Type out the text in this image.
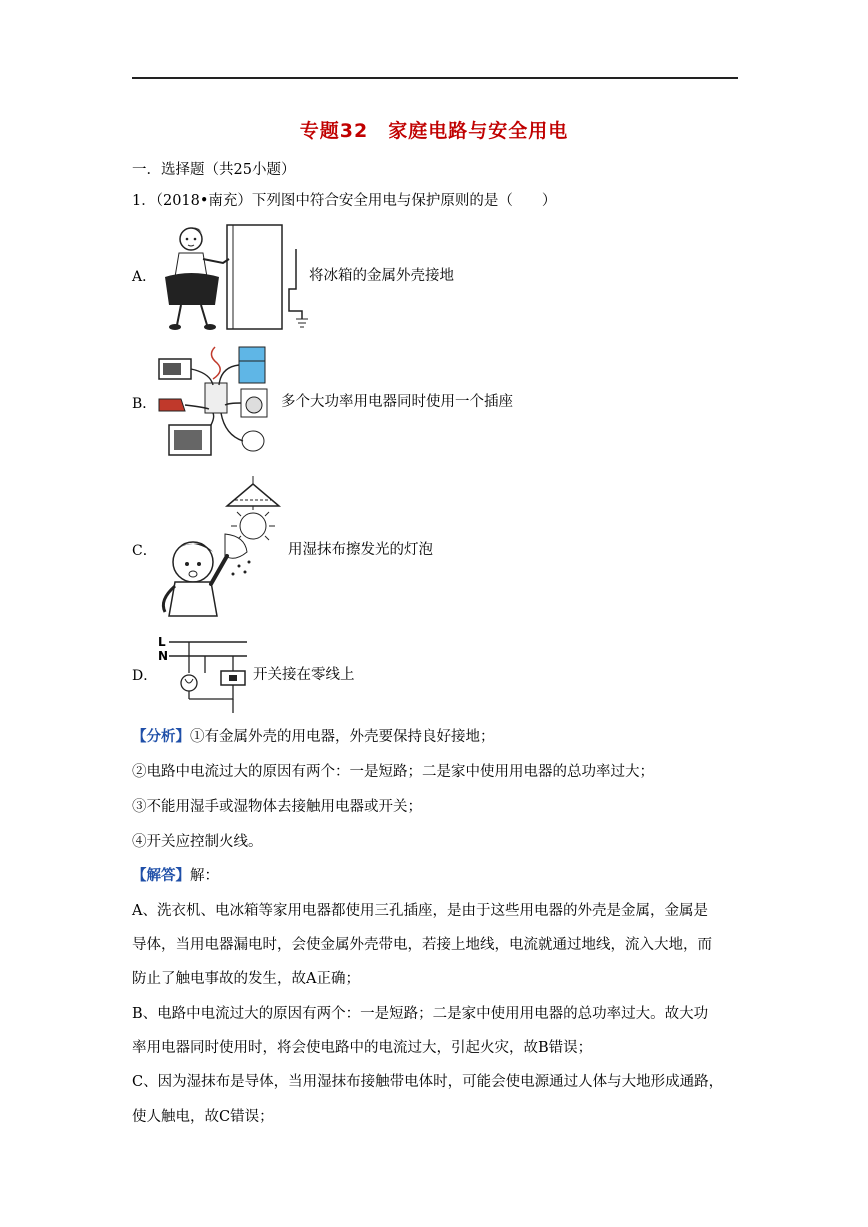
专题32　家庭电路与安全用电
一．选择题（共25小题）
1．（2018•南充）下列图中符合安全用电与保护原则的是（　　）
A．	将冰箱的金属外壳接地
B．	多个大功率用电器同时使用一个插座
C．	用湿抹布擦发光的灯泡
D．
L
N
开关接在零线上
【分析】①有金属外壳的用电器，外壳要保持良好接地；
②电路中电流过大的原因有两个：一是短路；二是家中使用用电器的总功率过大；
③不能用湿手或湿物体去接触用电器或开关；
④开关应控制火线。
【解答】解：
A、洗衣机、电冰箱等家用电器都使用三孔插座，是由于这些用电器的外壳是金属，金属是
导体，当用电器漏电时，会使金属外壳带电，若接上地线，电流就通过地线，流入大地，而
防止了触电事故的发生，故A正确；
B、电路中电流过大的原因有两个：一是短路；二是家中使用用电器的总功率过大。故大功
率用电器同时使用时，将会使电路中的电流过大，引起火灾，故B错误；
C、因为湿抹布是导体，当用湿抹布接触带电体时，可能会使电源通过人体与大地形成通路，
使人触电，故C错误；
